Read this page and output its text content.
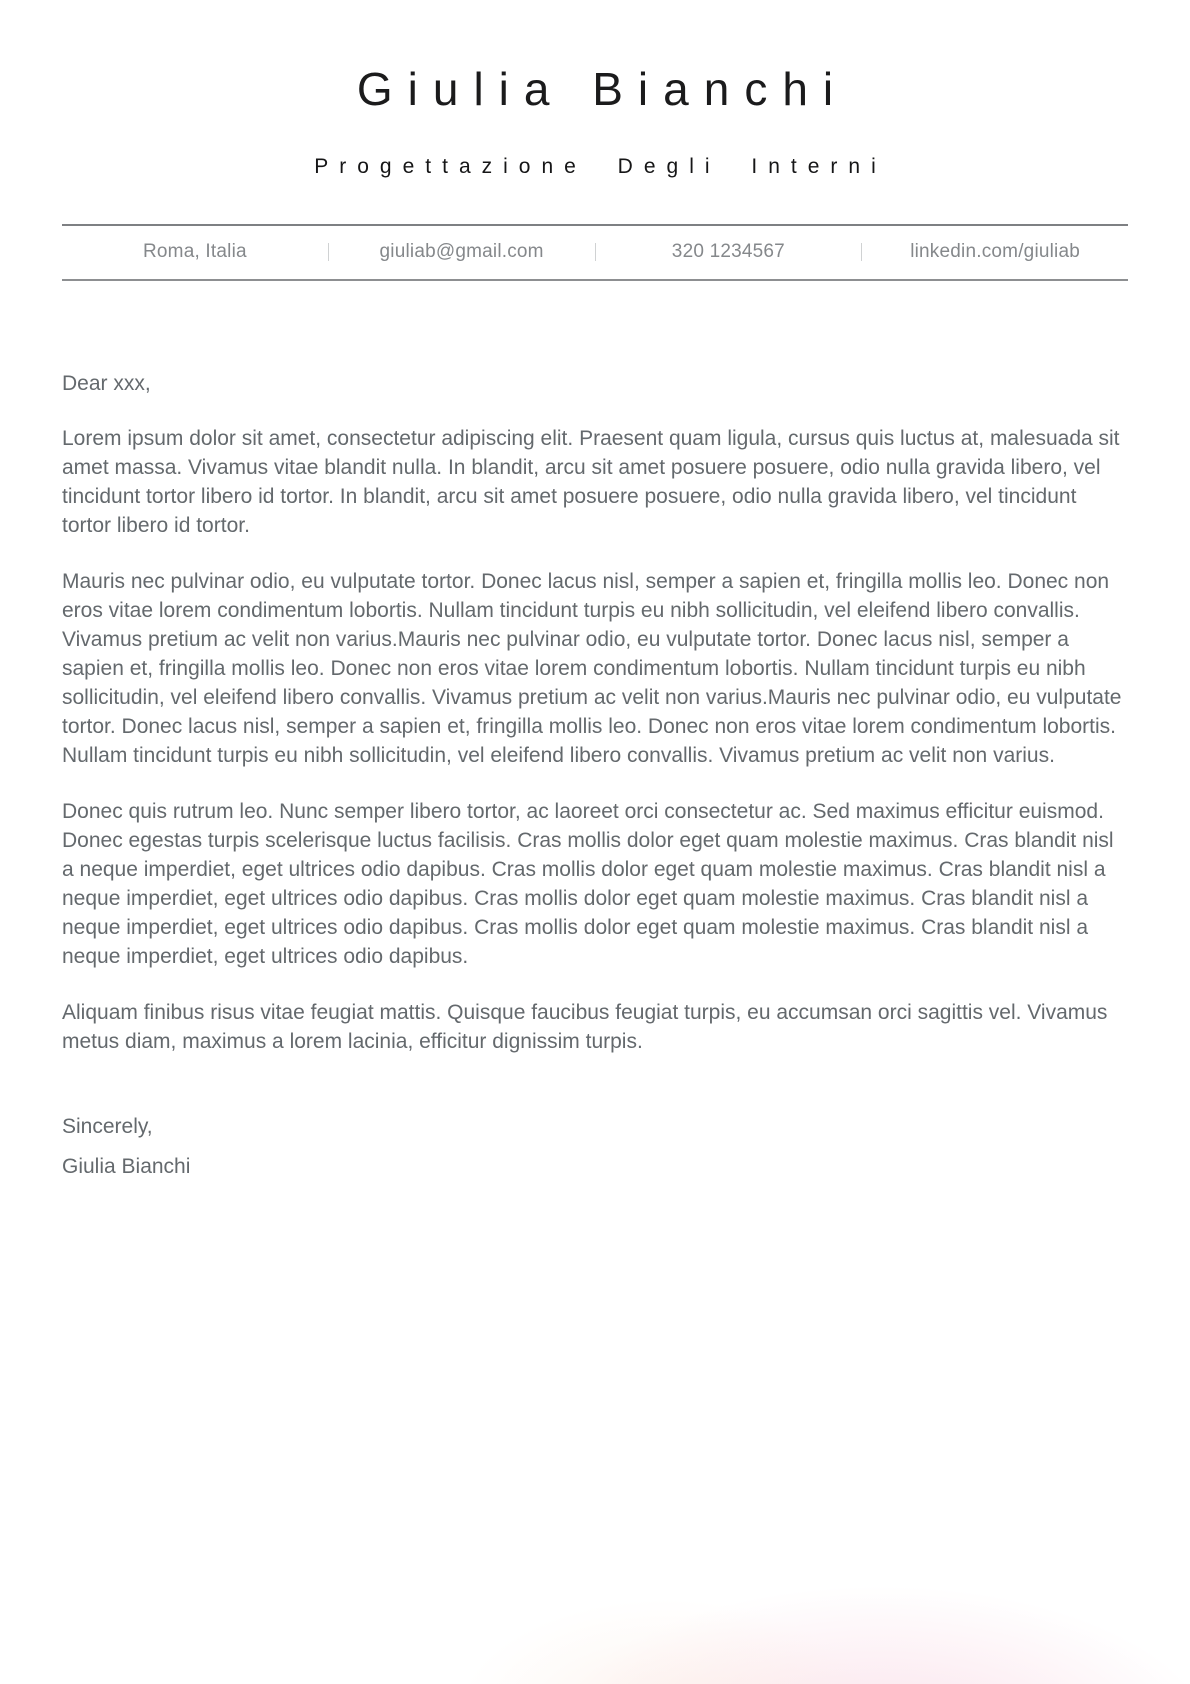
Giulia Bianchi
Progettazione Degli Interni
Roma, Italia	giuliab@gmail.com	320 1234567	linkedin.com/giuliab

Dear xxx,

Lorem ipsum dolor sit amet, consectetur adipiscing elit. Praesent quam ligula, cursus quis luctus at, malesuada sit amet massa. Vivamus vitae blandit nulla. In blandit, arcu sit amet posuere posuere, odio nulla gravida libero, vel tincidunt tortor libero id tortor. In blandit, arcu sit amet posuere posuere, odio nulla gravida libero, vel tincidunt tortor libero id tortor.

Mauris nec pulvinar odio, eu vulputate tortor. Donec lacus nisl, semper a sapien et, fringilla mollis leo. Donec non eros vitae lorem condimentum lobortis. Nullam tincidunt turpis eu nibh sollicitudin, vel eleifend libero convallis. Vivamus pretium ac velit non varius.Mauris nec pulvinar odio, eu vulputate tortor. Donec lacus nisl, semper a sapien et, fringilla mollis leo. Donec non eros vitae lorem condimentum lobortis. Nullam tincidunt turpis eu nibh sollicitudin, vel eleifend libero convallis. Vivamus pretium ac velit non varius.Mauris nec pulvinar odio, eu vulputate tortor. Donec lacus nisl, semper a sapien et, fringilla mollis leo. Donec non eros vitae lorem condimentum lobortis. Nullam tincidunt turpis eu nibh sollicitudin, vel eleifend libero convallis. Vivamus pretium ac velit non varius.

Donec quis rutrum leo. Nunc semper libero tortor, ac laoreet orci consectetur ac. Sed maximus efficitur euismod. Donec egestas turpis scelerisque luctus facilisis. Cras mollis dolor eget quam molestie maximus. Cras blandit nisl a neque imperdiet, eget ultrices odio dapibus. Cras mollis dolor eget quam molestie maximus. Cras blandit nisl a neque imperdiet, eget ultrices odio dapibus. Cras mollis dolor eget quam molestie maximus. Cras blandit nisl a neque imperdiet, eget ultrices odio dapibus. Cras mollis dolor eget quam molestie maximus. Cras blandit nisl a neque imperdiet, eget ultrices odio dapibus.

Aliquam finibus risus vitae feugiat mattis. Quisque faucibus feugiat turpis, eu accumsan orci sagittis vel. Vivamus metus diam, maximus a lorem lacinia, efficitur dignissim turpis.

Sincerely,

Giulia Bianchi
